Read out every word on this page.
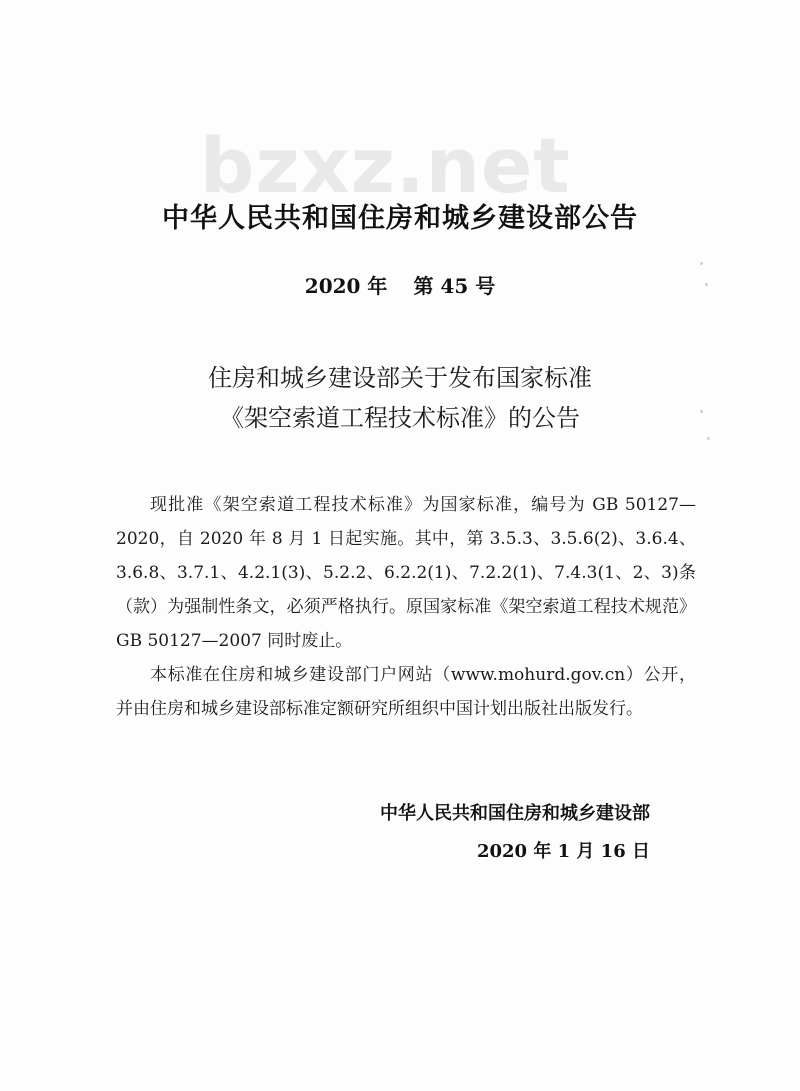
bzxz.net
中华人民共和国住房和城乡建设部公告
2020 年 第 45 号
住房和城乡建设部关于发布国家标准
《架空索道工程技术标准》的公告

现批准《架空索道工程技术标准》为国家标准，编号为 GB 50127—2020，自 2020 年 8 月 1 日起实施。其中，第 3.5.3、3.5.6(2)、3.6.4、3.6.8、3.7.1、4.2.1(3)、5.2.2、6.2.2(1)、7.2.2(1)、7.4.3(1、2、3)条（款）为强制性条文，必须严格执行。原国家标准《架空索道工程技术规范》GB 50127—2007 同时废止。

本标准在住房和城乡建设部门户网站（www.mohurd.gov.cn）公开，并由住房和城乡建设部标准定额研究所组织中国计划出版社出版发行。

中华人民共和国住房和城乡建设部
2020 年 1 月 16 日
